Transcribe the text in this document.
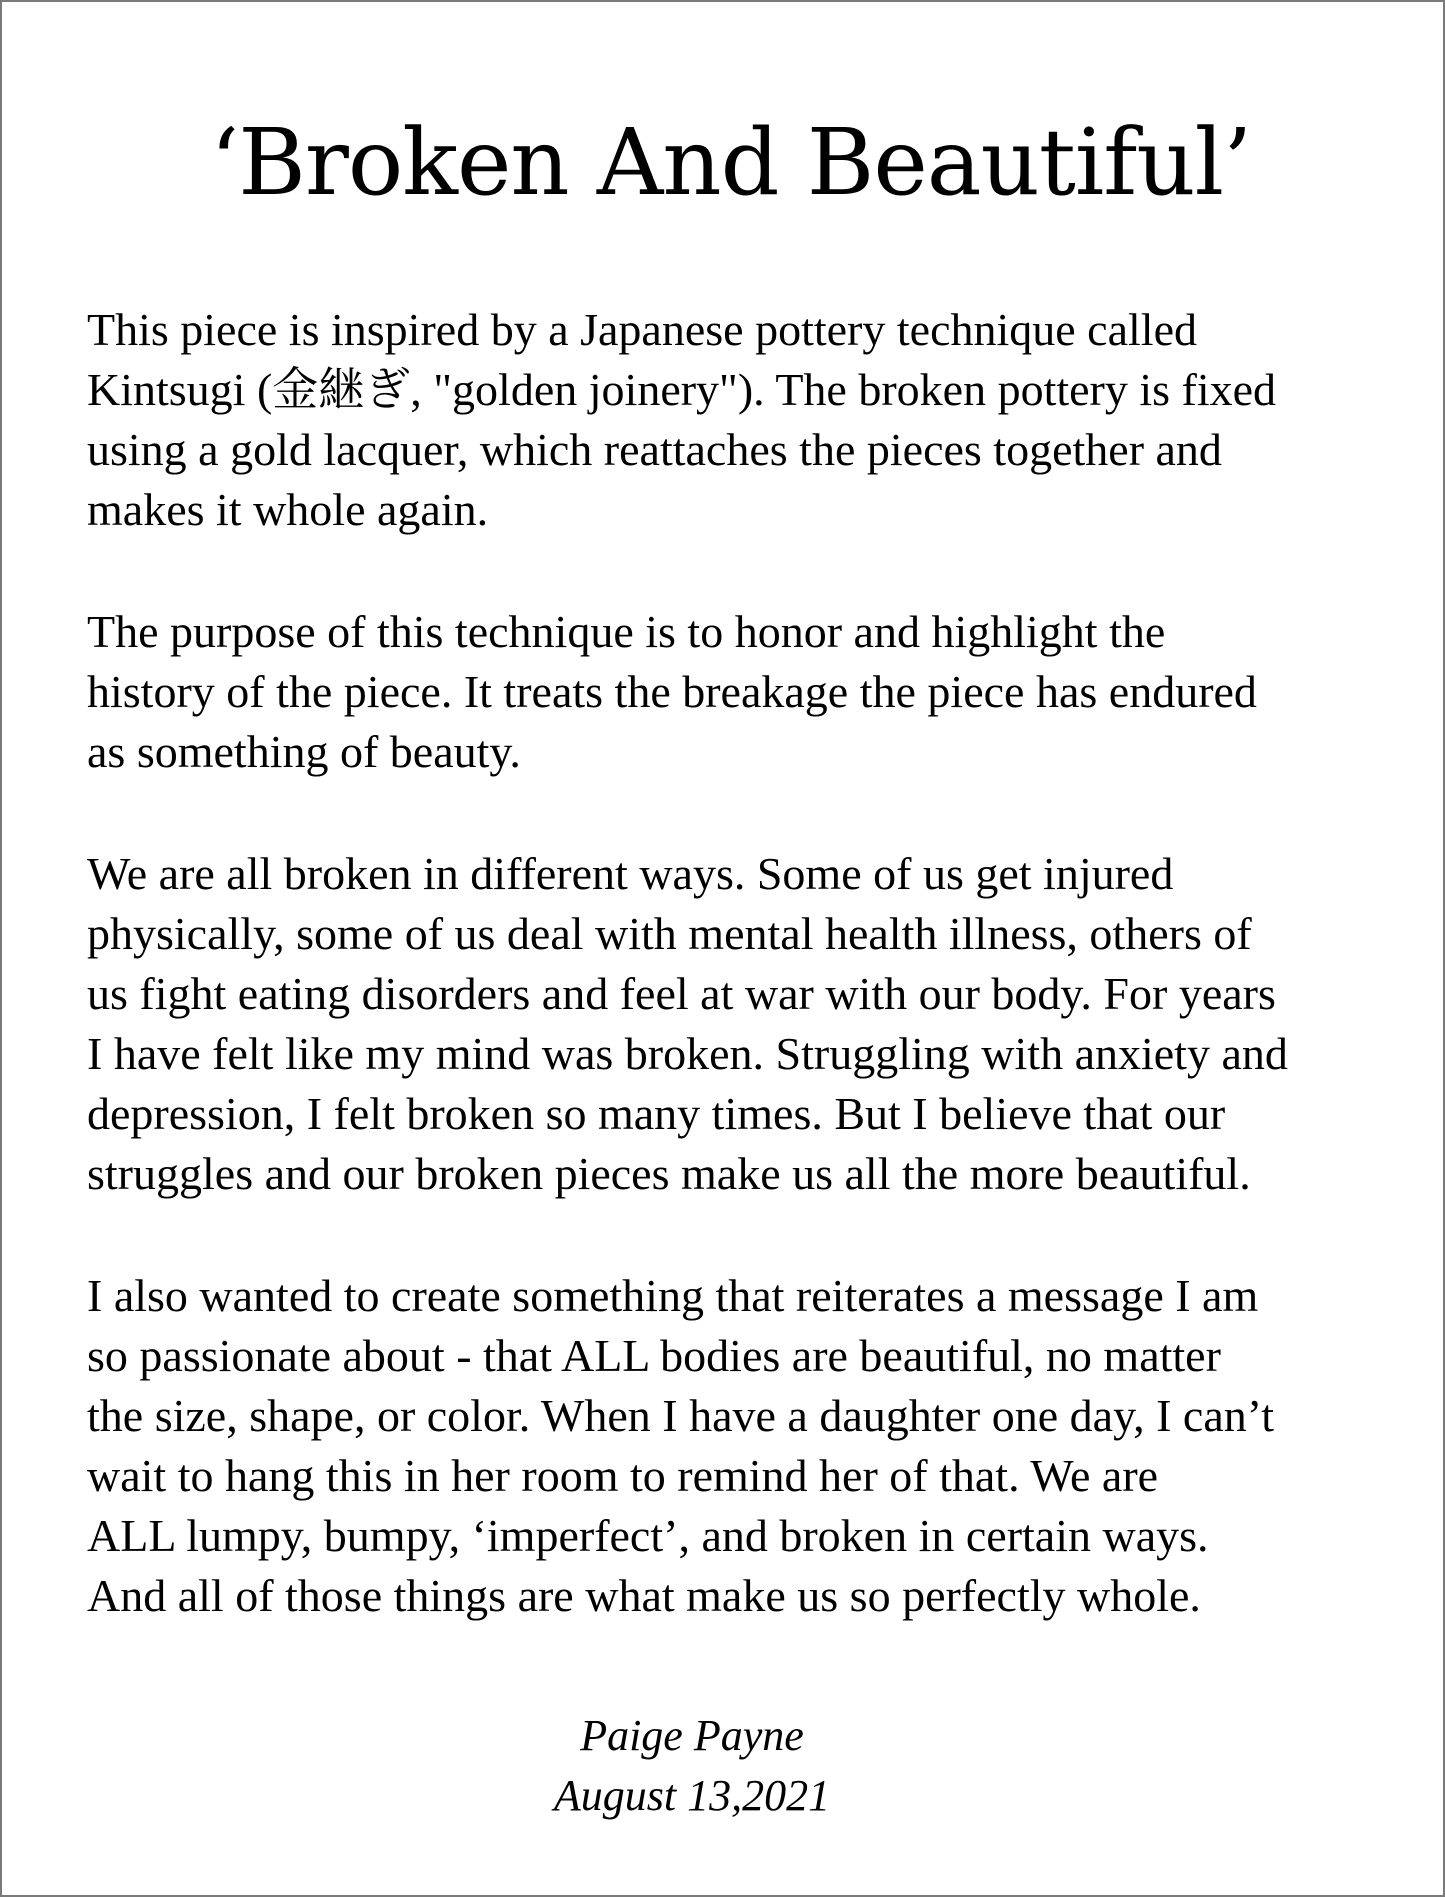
‘Broken And Beautiful’

This piece is inspired by a Japanese pottery technique called
Kintsugi (金継ぎ, "golden joinery"). The broken pottery is fixed
using a gold lacquer, which reattaches the pieces together and
makes it whole again.

The purpose of this technique is to honor and highlight the
history of the piece. It treats the breakage the piece has endured
as something of beauty.

We are all broken in different ways. Some of us get injured
physically, some of us deal with mental health illness, others of
us fight eating disorders and feel at war with our body. For years
I have felt like my mind was broken. Struggling with anxiety and
depression, I felt broken so many times. But I believe that our
struggles and our broken pieces make us all the more beautiful.

I also wanted to create something that reiterates a message I am
so passionate about - that ALL bodies are beautiful, no matter
the size, shape, or color. When I have a daughter one day, I can’t
wait to hang this in her room to remind her of that. We are
ALL lumpy, bumpy, ‘imperfect’, and broken in certain ways.
And all of those things are what make us so perfectly whole.

Paige Payne
August 13,2021
